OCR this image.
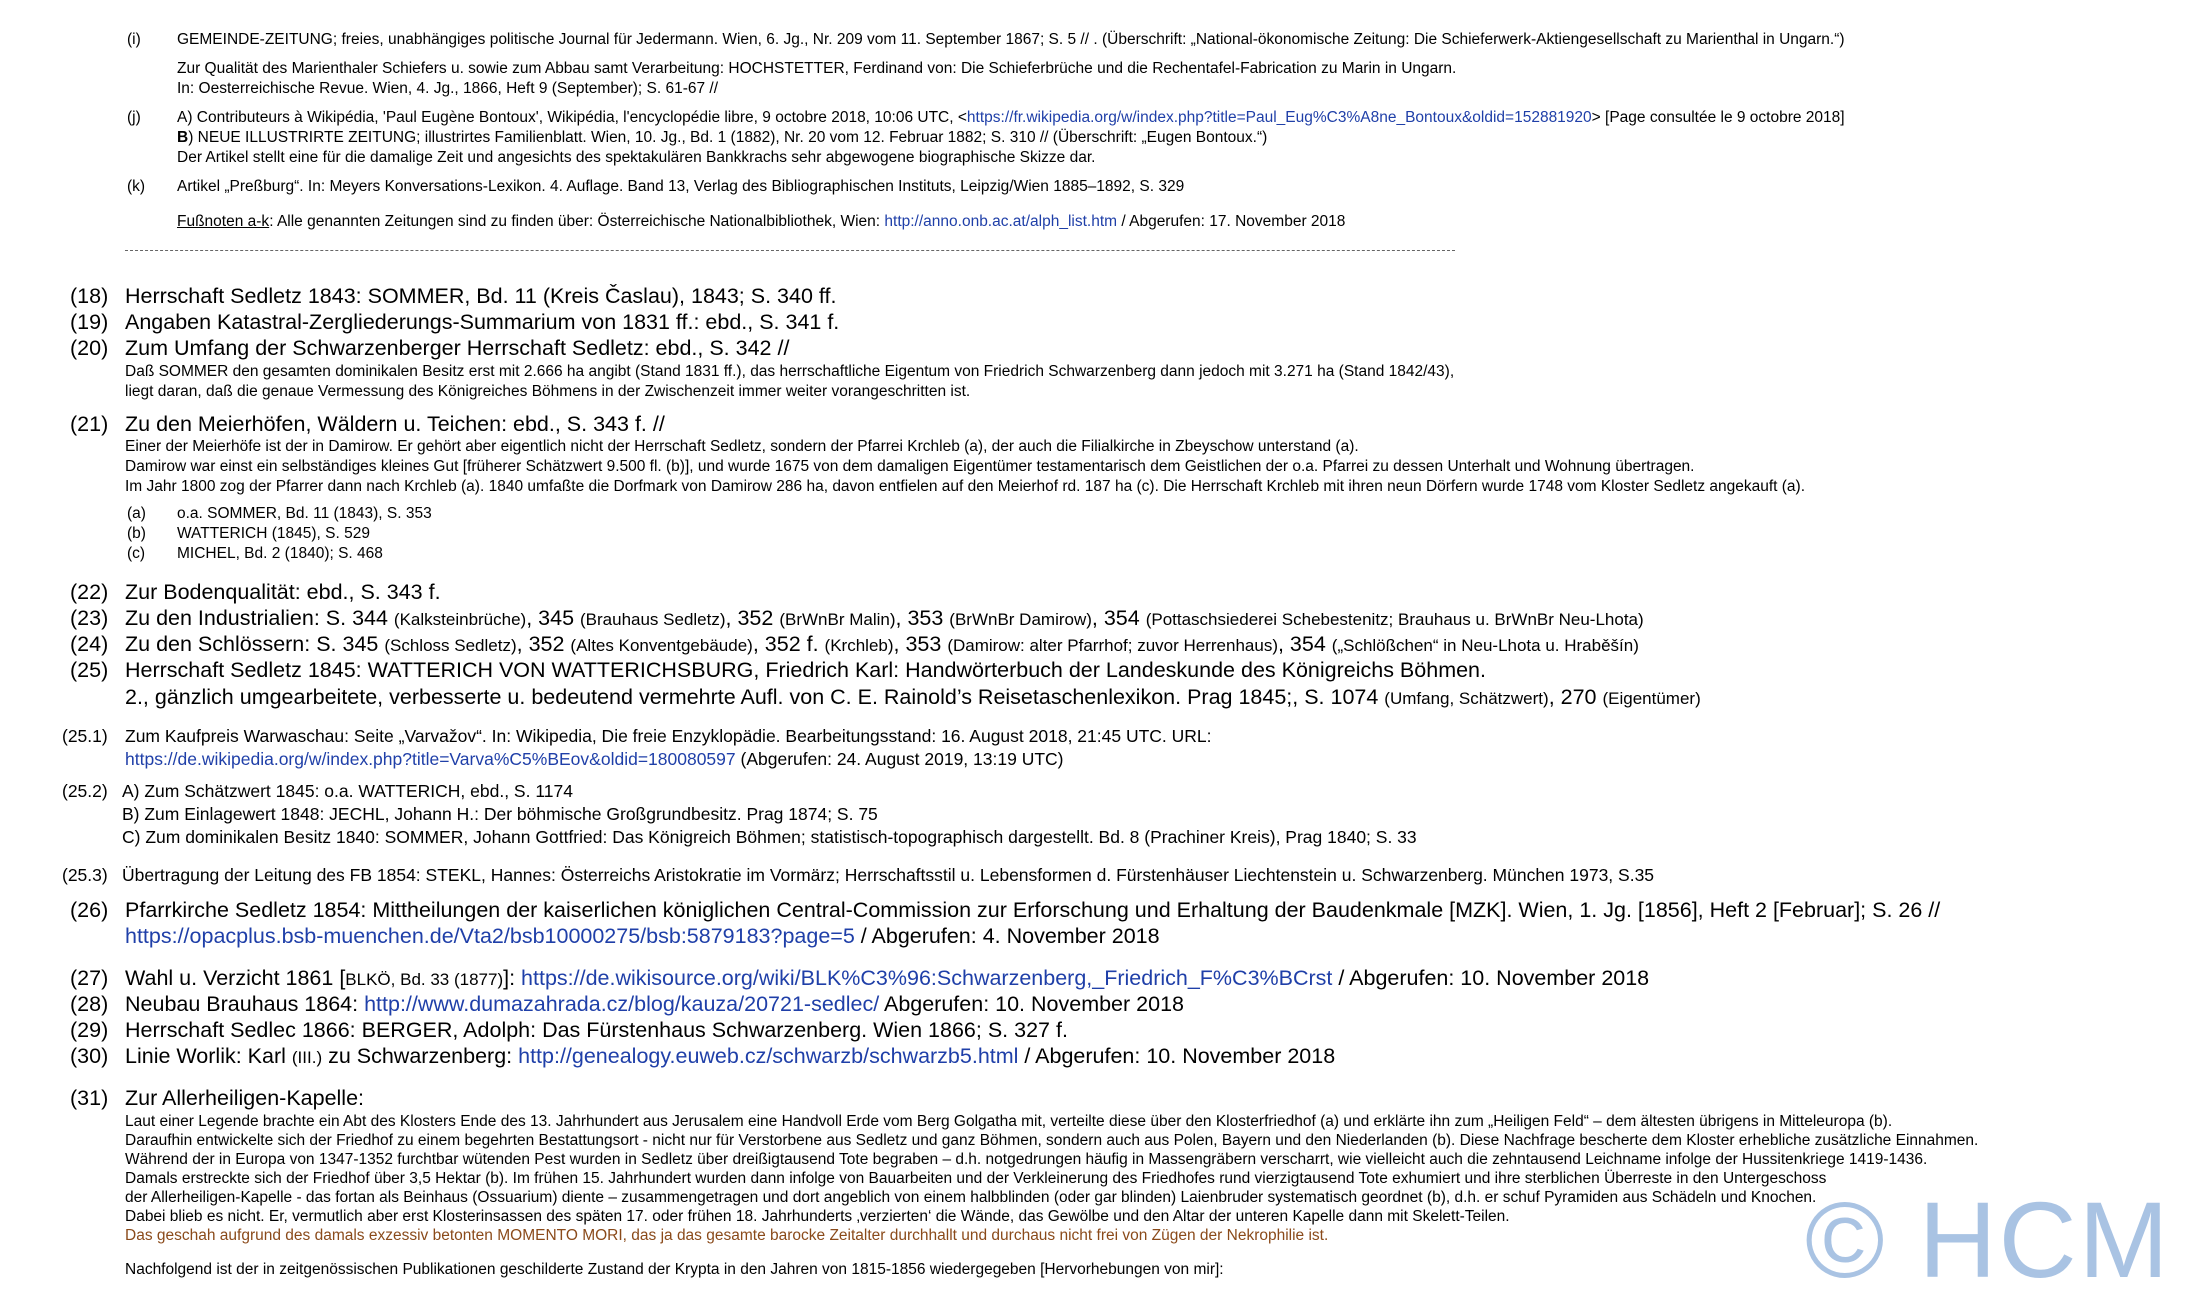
(i) GEMEINDE-ZEITUNG; freies, unabhängiges politische Journal für Jedermann. Wien, 6. Jg., Nr. 209 vom 11. September 1867; S. 5 // . (Überschrift: „National-ökonomische Zeitung: Die Schieferwerk-Aktiengesellschaft zu Marienthal in Ungarn.“)
Zur Qualität des Marienthaler Schiefers u. sowie zum Abbau samt Verarbeitung: HOCHSTETTER, Ferdinand von: Die Schieferbrüche und die Rechentafel-Fabrication zu Marin in Ungarn.
In: Oesterreichische Revue. Wien, 4. Jg., 1866, Heft 9 (September); S. 61-67 //
(j) A) Contributeurs à Wikipédia, 'Paul Eugène Bontoux', Wikipédia, l'encyclopédie libre, 9 octobre 2018, 10:06 UTC, <https://fr.wikipedia.org/w/index.php?title=Paul_Eug%C3%A8ne_Bontoux&oldid=152881920> [Page consultée le 9 octobre 2018]
B) NEUE ILLUSTRIRTE ZEITUNG; illustrirtes Familienblatt. Wien, 10. Jg., Bd. 1 (1882), Nr. 20 vom 12. Februar 1882; S. 310 // (Überschrift: „Eugen Bontoux.“)
Der Artikel stellt eine für die damalige Zeit und angesichts des spektakulären Bankkrachs sehr abgewogene biographische Skizze dar.
(k) Artikel „Preßburg“. In: Meyers Konversations-Lexikon. 4. Auflage. Band 13, Verlag des Bibliographischen Instituts, Leipzig/Wien 1885–1892, S. 329
Fußnoten a-k: Alle genannten Zeitungen sind zu finden über: Österreichische Nationalbibliothek, Wien: http://anno.onb.ac.at/alph_list.htm / Abgerufen: 17. November 2018
(18) Herrschaft Sedletz 1843: SOMMER, Bd. 11 (Kreis Časlau), 1843; S. 340 ff.
(19) Angaben Katastral-Zergliederungs-Summarium von 1831 ff.: ebd., S. 341 f.
(20) Zum Umfang der Schwarzenberger Herrschaft Sedletz: ebd., S. 342 //
Daß SOMMER den gesamten dominikalen Besitz erst mit 2.666 ha angibt (Stand 1831 ff.), das herrschaftliche Eigentum von Friedrich Schwarzenberg dann jedoch mit 3.271 ha (Stand 1842/43),
liegt daran, daß die genaue Vermessung des Königreiches Böhmens in der Zwischenzeit immer weiter vorangeschritten ist.
(21) Zu den Meierhöfen, Wäldern u. Teichen: ebd., S. 343 f. //
Einer der Meierhöfe ist der in Damirow. Er gehört aber eigentlich nicht der Herrschaft Sedletz, sondern der Pfarrei Krchleb (a), der auch die Filialkirche in Zbeyschow unterstand (a).
Damirow war einst ein selbständiges kleines Gut [früherer Schätzwert 9.500 fl. (b)], und wurde 1675 von dem damaligen Eigentümer testamentarisch dem Geistlichen der o.a. Pfarrei zu dessen Unterhalt und Wohnung übertragen.
Im Jahr 1800 zog der Pfarrer dann nach Krchleb (a). 1840 umfaßte die Dorfmark von Damirow 286 ha, davon entfielen auf den Meierhof rd. 187 ha (c). Die Herrschaft Krchleb mit ihren neun Dörfern wurde 1748 vom Kloster Sedletz angekauft (a).
(a) o.a. SOMMER, Bd. 11 (1843), S. 353
(b) WATTERICH (1845), S. 529
(c) MICHEL, Bd. 2 (1840); S. 468
(22) Zur Bodenqualität: ebd., S. 343 f.
(23) Zu den Industrialien: S. 344 (Kalksteinbrüche), 345 (Brauhaus Sedletz), 352 (BrWnBr Malin), 353 (BrWnBr Damirow), 354 (Pottaschsiederei Schebestenitz; Brauhaus u. BrWnBr Neu-Lhota)
(24) Zu den Schlössern: S. 345 (Schloss Sedletz), 352 (Altes Konventgebäude), 352 f. (Krchleb), 353 (Damirow: alter Pfarrhof; zuvor Herrenhaus), 354 („Schlößchen“ in Neu-Lhota u. Hraběšín)
(25) Herrschaft Sedletz 1845: WATTERICH VON WATTERICHSBURG, Friedrich Karl: Handwörterbuch der Landeskunde des Königreichs Böhmen.
2., gänzlich umgearbeitete, verbesserte u. bedeutend vermehrte Aufl. von C. E. Rainold’s Reisetaschenlexikon. Prag 1845;, S. 1074 (Umfang, Schätzwert), 270 (Eigentümer)
(25.1) Zum Kaufpreis Warwaschau: Seite „Varvažov“. In: Wikipedia, Die freie Enzyklopädie. Bearbeitungsstand: 16. August 2018, 21:45 UTC. URL:
https://de.wikipedia.org/w/index.php?title=Varva%C5%BEov&oldid=180080597 (Abgerufen: 24. August 2019, 13:19 UTC)
(25.2) A) Zum Schätzwert 1845: o.a. WATTERICH, ebd., S. 1174
B) Zum Einlagewert 1848: JECHL, Johann H.: Der böhmische Großgrundbesitz. Prag 1874; S. 75
C) Zum dominikalen Besitz 1840: SOMMER, Johann Gottfried: Das Königreich Böhmen; statistisch-topographisch dargestellt. Bd. 8 (Prachiner Kreis), Prag 1840; S. 33
(25.3) Übertragung der Leitung des FB 1854: STEKL, Hannes: Österreichs Aristokratie im Vormärz; Herrschaftsstil u. Lebensformen d. Fürstenhäuser Liechtenstein u. Schwarzenberg. München 1973, S.35
(26) Pfarrkirche Sedletz 1854: Mittheilungen der kaiserlichen königlichen Central-Commission zur Erforschung und Erhaltung der Baudenkmale [MZK]. Wien, 1. Jg. [1856], Heft 2 [Februar]; S. 26 //
https://opacplus.bsb-muenchen.de/Vta2/bsb10000275/bsb:5879183?page=5 / Abgerufen: 4. November 2018
(27) Wahl u. Verzicht 1861 [BLKÖ, Bd. 33 (1877)]: https://de.wikisource.org/wiki/BLK%C3%96:Schwarzenberg,_Friedrich_F%C3%BCrst / Abgerufen: 10. November 2018
(28) Neubau Brauhaus 1864: http://www.dumazahrada.cz/blog/kauza/20721-sedlec/ Abgerufen: 10. November 2018
(29) Herrschaft Sedlec 1866: BERGER, Adolph: Das Fürstenhaus Schwarzenberg. Wien 1866; S. 327 f.
(30) Linie Worlik: Karl (III.) zu Schwarzenberg: http://genealogy.euweb.cz/schwarzb/schwarzb5.html / Abgerufen: 10. November 2018
(31) Zur Allerheiligen-Kapelle:
Laut einer Legende brachte ein Abt des Klosters Ende des 13. Jahrhundert aus Jerusalem eine Handvoll Erde vom Berg Golgatha mit, verteilte diese über den Klosterfriedhof (a) und erklärte ihn zum „Heiligen Feld“ – dem ältesten übrigens in Mitteleuropa (b).
Daraufhin entwickelte sich der Friedhof zu einem begehrten Bestattungsort - nicht nur für Verstorbene aus Sedletz und ganz Böhmen, sondern auch aus Polen, Bayern und den Niederlanden (b). Diese Nachfrage bescherte dem Kloster erhebliche zusätzliche Einnahmen.
Während der in Europa von 1347-1352 furchtbar wütenden Pest wurden in Sedletz über dreißigtausend Tote begraben – d.h. notgedrungen häufig in Massengräbern verscharrt, wie vielleicht auch die zehntausend Leichname infolge der Hussitenkriege 1419-1436.
Damals erstreckte sich der Friedhof über 3,5 Hektar (b). Im frühen 15. Jahrhundert wurden dann infolge von Bauarbeiten und der Verkleinerung des Friedhofes rund vierzigtausend Tote exhumiert und ihre sterblichen Überreste in den Untergeschoss
der Allerheiligen-Kapelle - das fortan als Beinhaus (Ossuarium) diente – zusammengetragen und dort angeblich von einem halbblinden (oder gar blinden) Laienbruder systematisch geordnet (b), d.h. er schuf Pyramiden aus Schädeln und Knochen.
Dabei blieb es nicht. Er, vermutlich aber erst Klosterinsassen des späten 17. oder frühen 18. Jahrhunderts ‚verzierten‘ die Wände, das Gewölbe und den Altar der unteren Kapelle dann mit Skelett-Teilen.
Das geschah aufgrund des damals exzessiv betonten MOMENTO MORI, das ja das gesamte barocke Zeitalter durchhallt und durchaus nicht frei von Zügen der Nekrophilie ist.
Nachfolgend ist der in zeitgenössischen Publikationen geschilderte Zustand der Krypta in den Jahren von 1815-1856 wiedergegeben [Hervorhebungen von mir]:	© HCM
